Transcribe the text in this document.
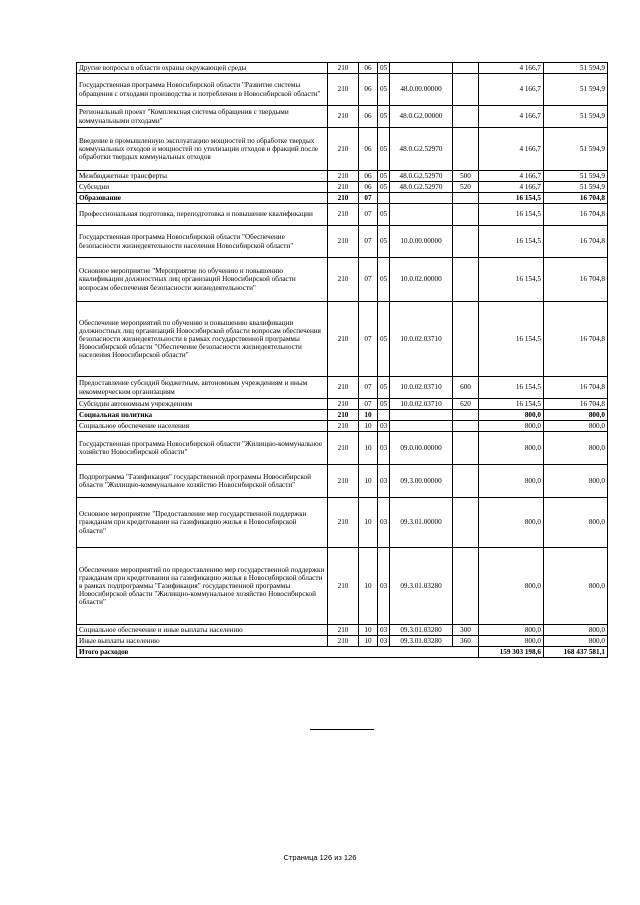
Другие вопросы в области охраны окружающей среды	210	06	05			4 166,7	51 594,9
Государственная программа Новосибирской области "Развитие системы обращения с отходами производства и потребления в Новосибирской области"	210	06	05	48.0.00.00000		4 166,7	51 594,9
Региональный проект "Комплексная система обращения с твердыми коммунальными отходами"	210	06	05	48.0.G2.00000		4 166,7	51 594,9
Введение в промышленную эксплуатацию мощностей по обработке твердых коммунальных отходов и мощностей по утилизации отходов и фракций после обработки твердых коммунальных отходов	210	06	05	48.0.G2.52970		4 166,7	51 594,9
Межбюджетные трансферты	210	06	05	48.0.G2.52970	500	4 166,7	51 594,9
Субсидии	210	06	05	48.0.G2.52970	520	4 166,7	51 594,9
Образование	210	07				16 154,5	16 704,8
Профессиональная подготовка, переподготовка и повышение квалификации	210	07	05			16 154,5	16 704,8
Государственная программа Новосибирской области "Обеспечение безопасности жизнедеятельности населения Новосибирской области"	210	07	05	10.0.00.00000		16 154,5	16 704,8
Основное мероприятие "Мероприятие по обучению и повышению квалификации должностных лиц организаций Новосибирской области вопросам обеспечения безопасности жизнедеятельности"	210	07	05	10.0.02.00000		16 154,5	16 704,8
Обеспечение мероприятий по обучению и повышению квалификации должностных лиц организаций Новосибирской области вопросам обеспечения безопасности жизнедеятельности в рамках государственной программы Новосибирской области "Обеспечение безопасности жизнедеятельности населения Новосибирской области"	210	07	05	10.0.02.03710		16 154,5	16 704,8
Предоставление субсидий бюджетным, автономным учреждениям и иным некоммерческим организациям	210	07	05	10.0.02.03710	600	16 154,5	16 704,8
Субсидии автономным учреждениям	210	07	05	10.0.02.03710	620	16 154,5	16 704,8
Социальная политика	210	10				800,0	800,0
Социальное обеспечение населения	210	10	03			800,0	800,0
Государственная программа Новосибирской области "Жилищно-коммунальное хозяйство Новосибирской области"	210	10	03	09.0.00.00000		800,0	800,0
Подпрограмма "Газификация" государственной программы Новосибирской области "Жилищно-коммунальное хозяйство Новосибирской области"	210	10	03	09.3.00.00000		800,0	800,0
Основное мероприятие "Предоставление мер государственной поддержки гражданам при кредитовании на газификацию жилья в Новосибирской области"	210	10	03	09.3.01.00000		800,0	800,0
Обеспечение мероприятий по предоставлению мер государственной поддержки гражданам при кредитовании на газификацию жилья в Новосибирской области в рамках подпрограммы "Газификация" государственной программы Новосибирской области "Жилищно-коммунальное хозяйство Новосибирской области"	210	10	03	09.3.01.03280		800,0	800,0
Социальное обеспечение и иные выплаты населению	210	10	03	09.3.01.03280	300	800,0	800,0
Иные выплаты населению	210	10	03	09.3.01.03280	360	800,0	800,0
Итого расходов						159 303 198,6	168 437 581,1
Страница 126 из 126
